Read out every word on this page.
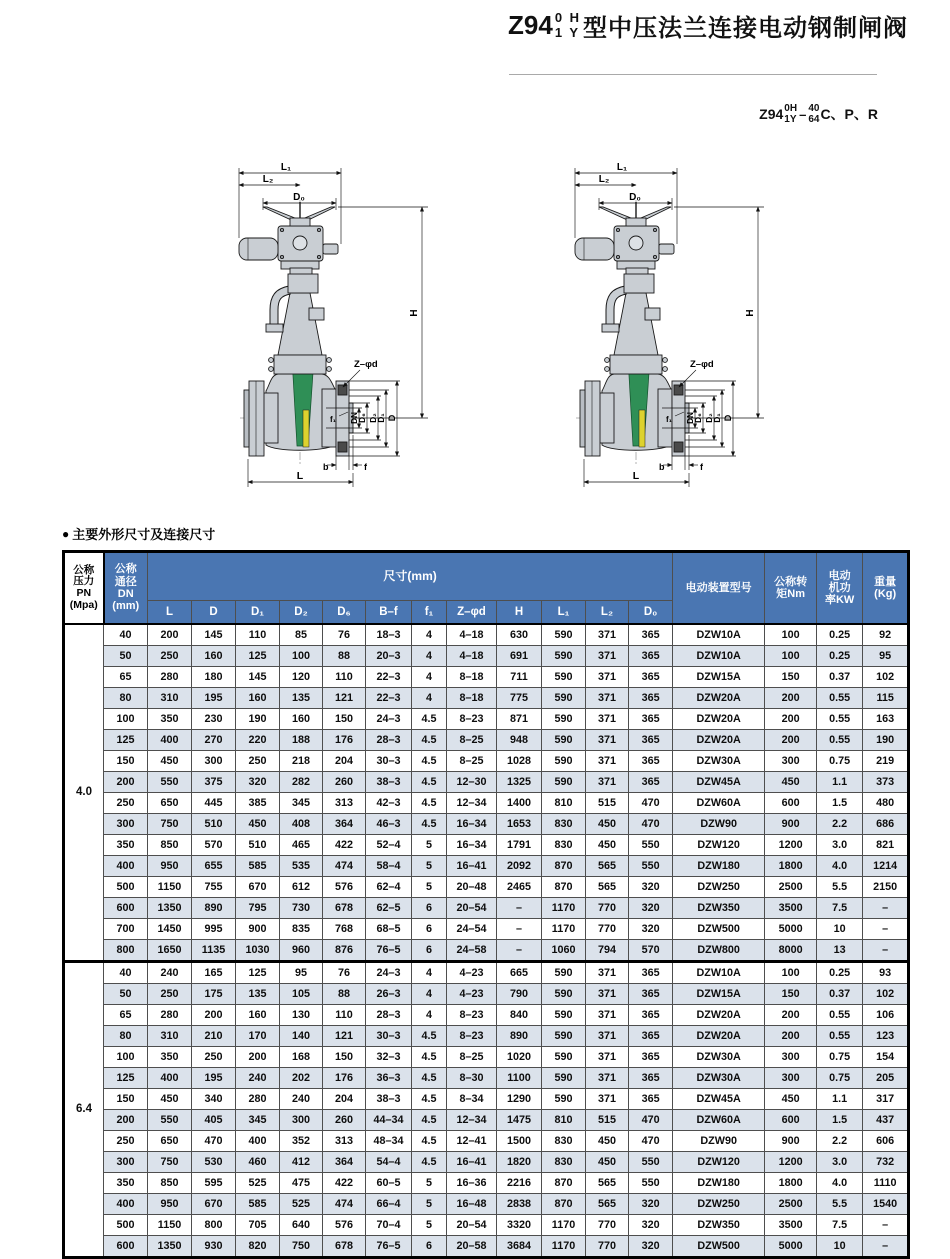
Z94 0 H
1 Y 型中压法兰连接电动钢制闸阀
Z94 0H
1Y – 40
64 C、P、R
● 主要外形尺寸及连接尺寸
公称
压力
PN
(Mpa)

公称
通径
DN
(mm)
	尺寸(mm)	电动装置型号	
公称转
矩Nm

电动
机功
率KW

重量
(Kg)

		L	D	D₁	D₂	D₆	B–f	f₁	Z–φd	H	L₁	L₂	D₀				
4.0	40	200	145	110	85	76	18–3	4	4–18	630	590	371	365	DZW10A	100	0.25	92
	50	250	160	125	100	88	20–3	4	4–18	691	590	371	365	DZW10A	100	0.25	95
	65	280	180	145	120	110	22–3	4	8–18	711	590	371	365	DZW15A	150	0.37	102
	80	310	195	160	135	121	22–3	4	8–18	775	590	371	365	DZW20A	200	0.55	115
	100	350	230	190	160	150	24–3	4.5	8–23	871	590	371	365	DZW20A	200	0.55	163
	125	400	270	220	188	176	28–3	4.5	8–25	948	590	371	365	DZW20A	200	0.55	190
	150	450	300	250	218	204	30–3	4.5	8–25	1028	590	371	365	DZW30A	300	0.75	219
	200	550	375	320	282	260	38–3	4.5	12–30	1325	590	371	365	DZW45A	450	1.1	373
	250	650	445	385	345	313	42–3	4.5	12–34	1400	810	515	470	DZW60A	600	1.5	480
	300	750	510	450	408	364	46–3	4.5	16–34	1653	830	450	470	DZW90	900	2.2	686
	350	850	570	510	465	422	52–4	5	16–34	1791	830	450	550	DZW120	1200	3.0	821
	400	950	655	585	535	474	58–4	5	16–41	2092	870	565	550	DZW180	1800	4.0	1214
	500	1150	755	670	612	576	62–4	5	20–48	2465	870	565	320	DZW250	2500	5.5	2150
	600	1350	890	795	730	678	62–5	6	20–54	–	1170	770	320	DZW350	3500	7.5	–
	700	1450	995	900	835	768	68–5	6	24–54	–	1170	770	320	DZW500	5000	10	–
	800	1650	1135	1030	960	876	76–5	6	24–58	–	1060	794	570	DZW800	8000	13	–
6.4	40	240	165	125	95	76	24–3	4	4–23	665	590	371	365	DZW10A	100	0.25	93
	50	250	175	135	105	88	26–3	4	4–23	790	590	371	365	DZW15A	150	0.37	102
	65	280	200	160	130	110	28–3	4	8–23	840	590	371	365	DZW20A	200	0.55	106
	80	310	210	170	140	121	30–3	4.5	8–23	890	590	371	365	DZW20A	200	0.55	123
	100	350	250	200	168	150	32–3	4.5	8–25	1020	590	371	365	DZW30A	300	0.75	154
	125	400	195	240	202	176	36–3	4.5	8–30	1100	590	371	365	DZW30A	300	0.75	205
	150	450	340	280	240	204	38–3	4.5	8–34	1290	590	371	365	DZW45A	450	1.1	317
	200	550	405	345	300	260	44–34	4.5	12–34	1475	810	515	470	DZW60A	600	1.5	437
	250	650	470	400	352	313	48–34	4.5	12–41	1500	830	450	470	DZW90	900	2.2	606
	300	750	530	460	412	364	54–4	4.5	16–41	1820	830	450	550	DZW120	1200	3.0	732
	350	850	595	525	475	422	60–5	5	16–36	2216	870	565	550	DZW180	1800	4.0	1110
	400	950	670	585	525	474	66–4	5	16–48	2838	870	565	320	DZW250	2500	5.5	1540
	500	1150	800	705	640	576	70–4	5	20–54	3320	1170	770	320	DZW350	3500	7.5	–
	600	1350	930	820	750	678	76–5	6	20–58	3684	1170	770	320	DZW500	5000	10	–
